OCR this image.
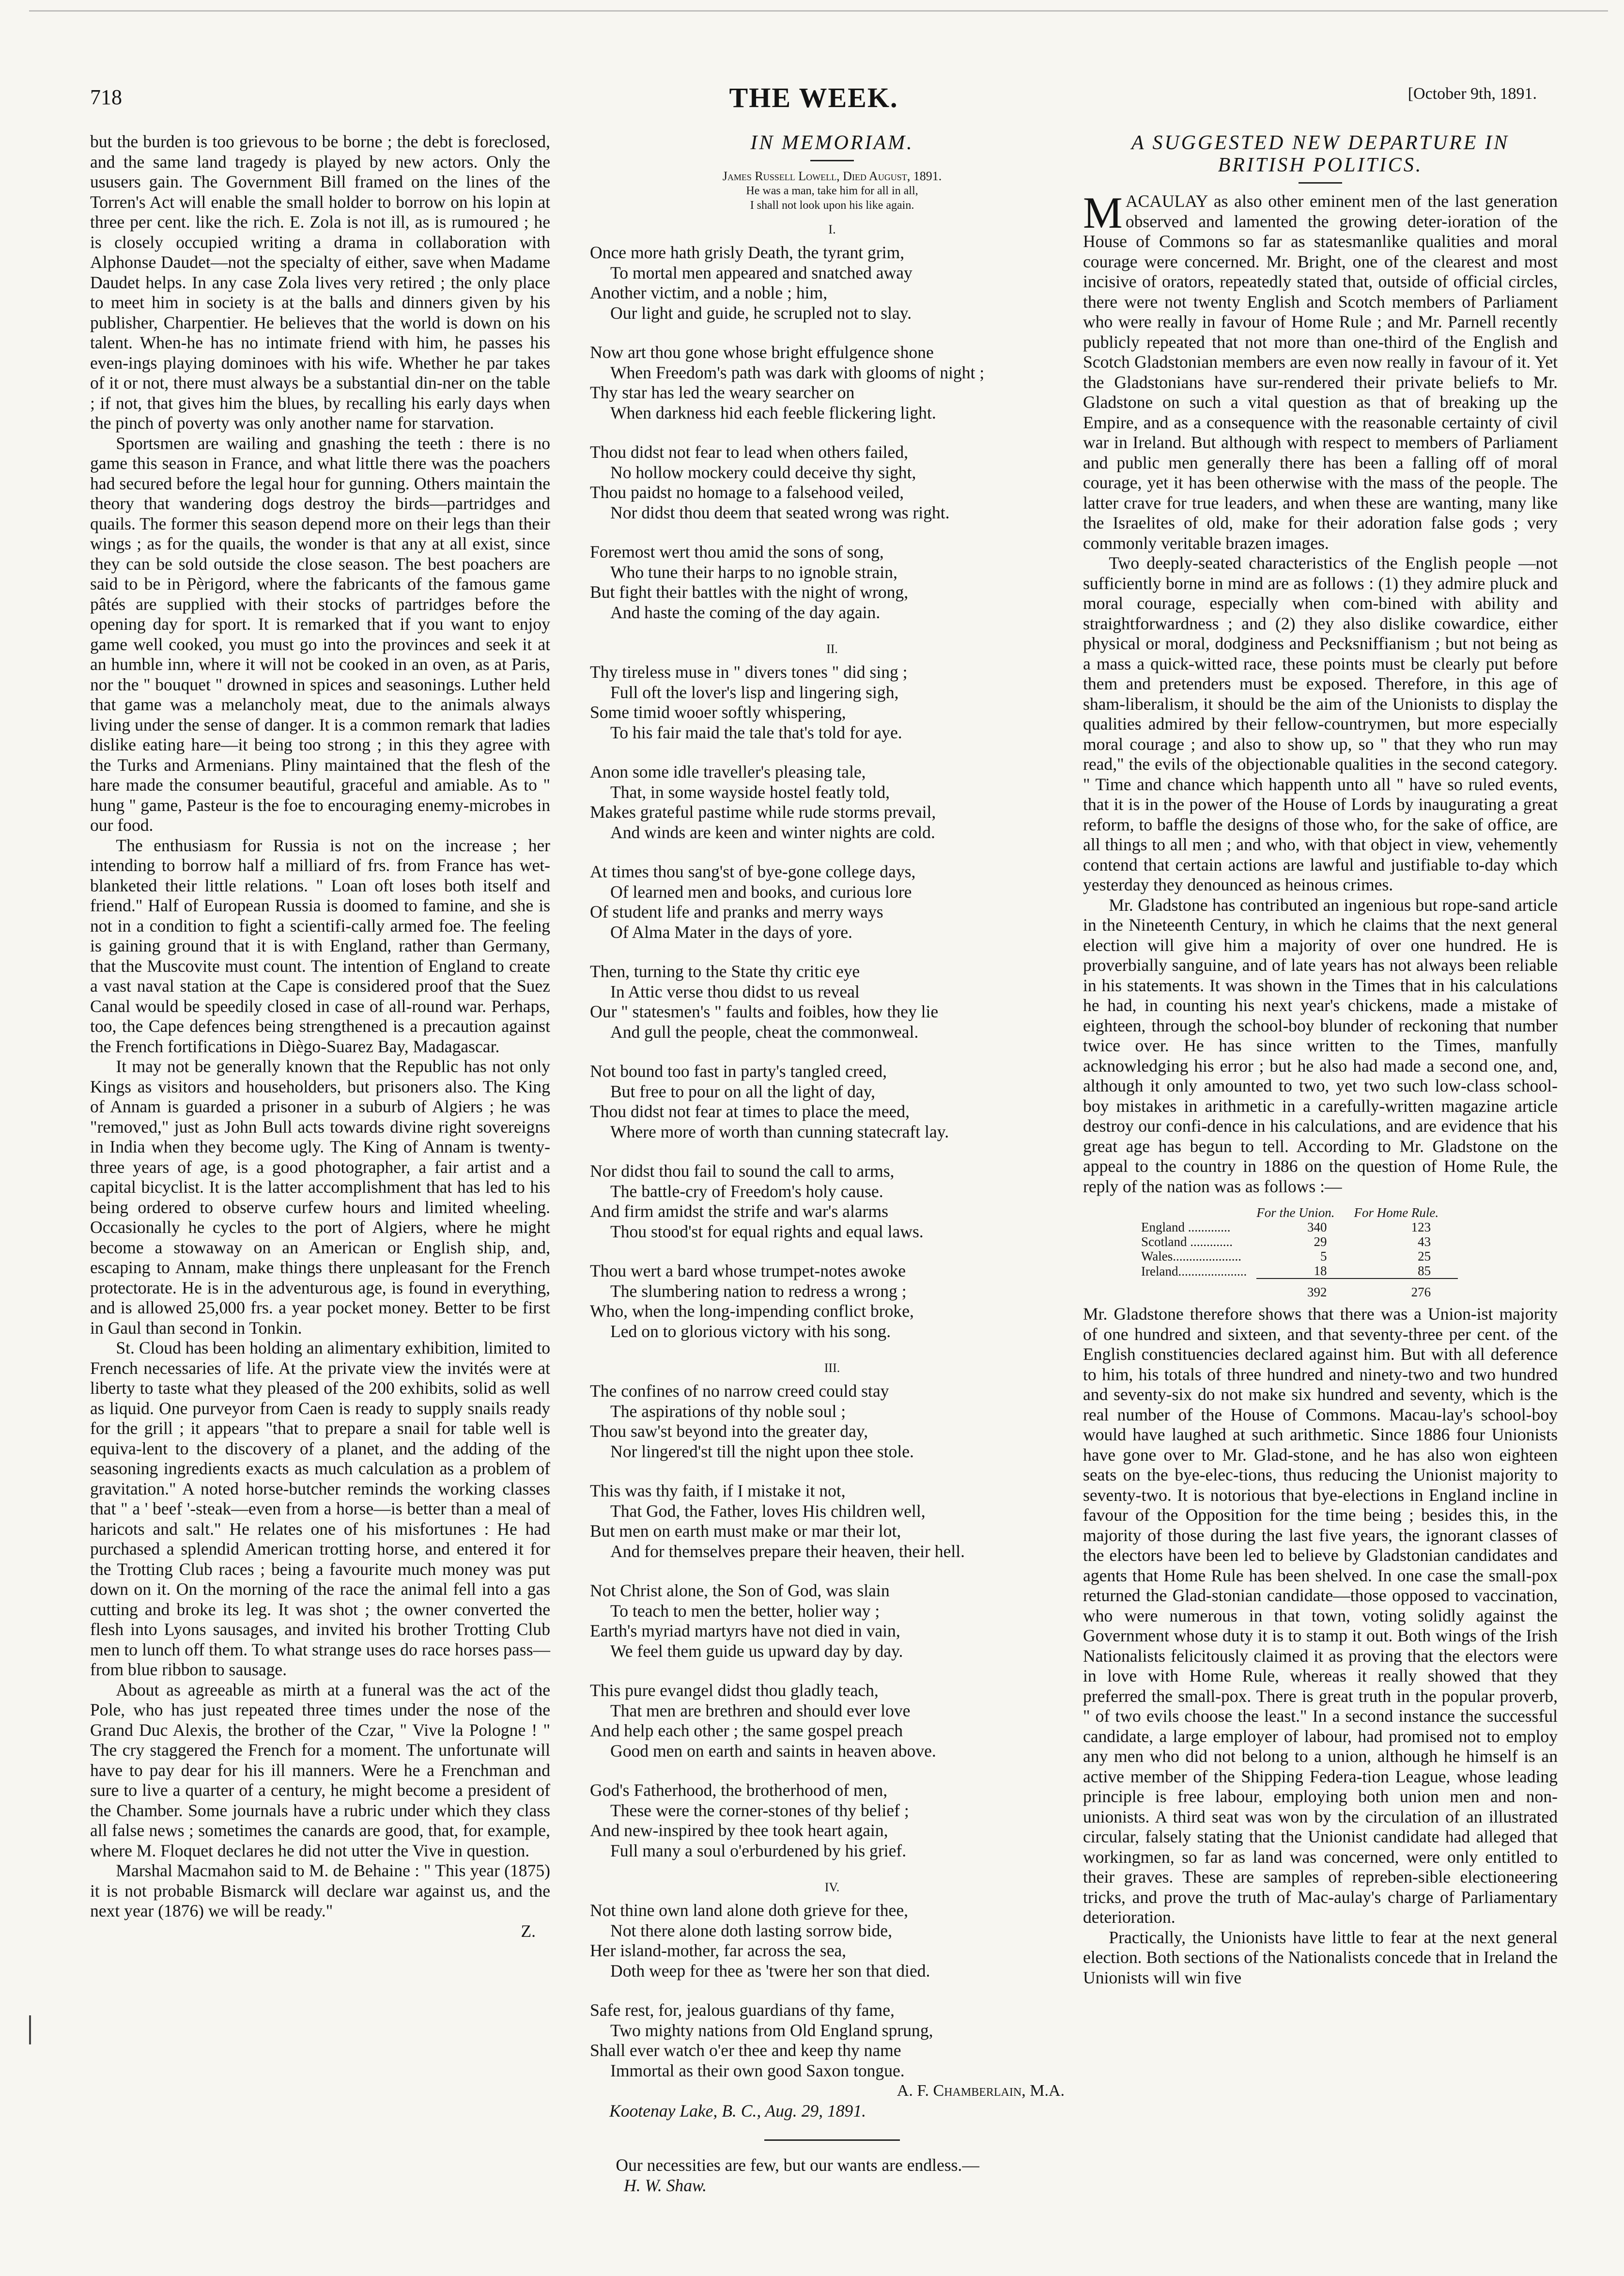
718	THE WEEK.	[October 9th, 1891.

but the burden is too grievous to be borne ; the debt is foreclosed, and the same land tragedy is played by new actors. Only the ususers gain. The Government Bill framed on the lines of the Torren's Act will enable the small holder to borrow on his lopin at three per cent. like the rich. E. Zola is not ill, as is rumoured ; he is closely occupied writing a drama in collaboration with Alphonse Daudet—not the specialty of either, save when Madame Daudet helps. In any case Zola lives very retired ; the only place to meet him in society is at the balls and dinners given by his publisher, Charpentier. He believes that the world is down on his talent. When-he has no intimate friend with him, he passes his even-ings playing dominoes with his wife. Whether he par takes of it or not, there must always be a substantial din-ner on the table ; if not, that gives him the blues, by recalling his early days when the pinch of poverty was only another name for starvation.

Sportsmen are wailing and gnashing the teeth : there is no game this season in France, and what little there was the poachers had secured before the legal hour for gunning. Others maintain the theory that wandering dogs destroy the birds—partridges and quails. The former this season depend more on their legs than their wings ; as for the quails, the wonder is that any at all exist, since they can be sold outside the close season. The best poachers are said to be in Pèrigord, where the fabricants of the famous game pâtés are supplied with their stocks of partridges before the opening day for sport. It is remarked that if you want to enjoy game well cooked, you must go into the provinces and seek it at an humble inn, where it will not be cooked in an oven, as at Paris, nor the " bouquet " drowned in spices and seasonings. Luther held that game was a melancholy meat, due to the animals always living under the sense of danger. It is a common remark that ladies dislike eating hare—it being too strong ; in this they agree with the Turks and Armenians. Pliny maintained that the flesh of the hare made the consumer beautiful, graceful and amiable. As to " hung " game, Pasteur is the foe to encouraging enemy-microbes in our food.

The enthusiasm for Russia is not on the increase ; her intending to borrow half a milliard of frs. from France has wet-blanketed their little relations. " Loan oft loses both itself and friend." Half of European Russia is doomed to famine, and she is not in a condition to fight a scientifi-cally armed foe. The feeling is gaining ground that it is with England, rather than Germany, that the Muscovite must count. The intention of England to create a vast naval station at the Cape is considered proof that the Suez Canal would be speedily closed in case of all-round war. Perhaps, too, the Cape defences being strengthened is a precaution against the French fortifications in Diègo-Suarez Bay, Madagascar.

It may not be generally known that the Republic has not only Kings as visitors and householders, but prisoners also. The King of Annam is guarded a prisoner in a suburb of Algiers ; he was "removed," just as John Bull acts towards divine right sovereigns in India when they become ugly. The King of Annam is twenty-three years of age, is a good photographer, a fair artist and a capital bicyclist. It is the latter accomplishment that has led to his being ordered to observe curfew hours and limited wheeling. Occasionally he cycles to the port of Algiers, where he might become a stowaway on an American or English ship, and, escaping to Annam, make things there unpleasant for the French protectorate. He is in the adventurous age, is found in everything, and is allowed 25,000 frs. a year pocket money. Better to be first in Gaul than second in Tonkin.

St. Cloud has been holding an alimentary exhibition, limited to French necessaries of life. At the private view the invités were at liberty to taste what they pleased of the 200 exhibits, solid as well as liquid. One purveyor from Caen is ready to supply snails ready for the grill ; it appears "that to prepare a snail for table well is equiva-lent to the discovery of a planet, and the adding of the seasoning ingredients exacts as much calculation as a problem of gravitation." A noted horse-butcher reminds the working classes that " a ' beef '-steak—even from a horse—is better than a meal of haricots and salt." He relates one of his misfortunes : He had purchased a splendid American trotting horse, and entered it for the Trotting Club races ; being a favourite much money was put down on it. On the morning of the race the animal fell into a gas cutting and broke its leg. It was shot ; the owner converted the flesh into Lyons sausages, and invited his brother Trotting Club men to lunch off them. To what strange uses do race horses pass—from blue ribbon to sausage.

About as agreeable as mirth at a funeral was the act of the Pole, who has just repeated three times under the nose of the Grand Duc Alexis, the brother of the Czar, " Vive la Pologne ! " The cry staggered the French for a moment. The unfortunate will have to pay dear for his ill manners. Were he a Frenchman and sure to live a quarter of a century, he might become a president of the Chamber. Some journals have a rubric under which they class all false news ; sometimes the canards are good, that, for example, where M. Floquet declares he did not utter the Vive in question.

Marshal Macmahon said to M. de Behaine : " This year (1875) it is not probable Bismarck will declare war against us, and the next year (1876) we will be ready."

Z.
IN MEMORIAM.
James Russell Lowell, Died August, 1891.
He was a man, take him for all in all,
I shall not look upon his like again.
I.
Once more hath grisly Death, the tyrant grim,
To mortal men appeared and snatched away
Another victim, and a noble ; him,
Our light and guide, he scrupled not to slay.
Now art thou gone whose bright effulgence shone
When Freedom's path was dark with glooms of night ;
Thy star has led the weary searcher on
When darkness hid each feeble flickering light.
Thou didst not fear to lead when others failed,
No hollow mockery could deceive thy sight,
Thou paidst no homage to a falsehood veiled,
Nor didst thou deem that seated wrong was right.
Foremost wert thou amid the sons of song,
Who tune their harps to no ignoble strain,
But fight their battles with the night of wrong,
And haste the coming of the day again.
II.
Thy tireless muse in " divers tones " did sing ;
Full oft the lover's lisp and lingering sigh,
Some timid wooer softly whispering,
To his fair maid the tale that's told for aye.
Anon some idle traveller's pleasing tale,
That, in some wayside hostel featly told,
Makes grateful pastime while rude storms prevail,
And winds are keen and winter nights are cold.
At times thou sang'st of bye-gone college days,
Of learned men and books, and curious lore
Of student life and pranks and merry ways
Of Alma Mater in the days of yore.
Then, turning to the State thy critic eye
In Attic verse thou didst to us reveal
Our " statesmen's " faults and foibles, how they lie
And gull the people, cheat the commonweal.
Not bound too fast in party's tangled creed,
But free to pour on all the light of day,
Thou didst not fear at times to place the meed,
Where more of worth than cunning statecraft lay.
Nor didst thou fail to sound the call to arms,
The battle-cry of Freedom's holy cause.
And firm amidst the strife and war's alarms
Thou stood'st for equal rights and equal laws.
Thou wert a bard whose trumpet-notes awoke
The slumbering nation to redress a wrong ;
Who, when the long-impending conflict broke,
Led on to glorious victory with his song.
III.
The confines of no narrow creed could stay
The aspirations of thy noble soul ;
Thou saw'st beyond into the greater day,
Nor lingered'st till the night upon thee stole.
This was thy faith, if I mistake it not,
That God, the Father, loves His children well,
But men on earth must make or mar their lot,
And for themselves prepare their heaven, their hell.
Not Christ alone, the Son of God, was slain
To teach to men the better, holier way ;
Earth's myriad martyrs have not died in vain,
We feel them guide us upward day by day.
This pure evangel didst thou gladly teach,
That men are brethren and should ever love
And help each other ; the same gospel preach
Good men on earth and saints in heaven above.
God's Fatherhood, the brotherhood of men,
These were the corner-stones of thy belief ;
And new-inspired by thee took heart again,
Full many a soul o'erburdened by his grief.
IV.
Not thine own land alone doth grieve for thee,
Not there alone doth lasting sorrow bide,
Her island-mother, far across the sea,
Doth weep for thee as 'twere her son that died.
Safe rest, for, jealous guardians of thy fame,
Two mighty nations from Old England sprung,
Shall ever watch o'er thee and keep thy name
Immortal as their own good Saxon tongue.
A. F. Chamberlain, M.A.
Kootenay Lake, B. C., Aug. 29, 1891.
Our necessities are few, but our wants are endless.—
H. W. Shaw.
A SUGGESTED NEW DEPARTURE IN
BRITISH POLITICS.

MACAULAY as also other eminent men of the last generation observed and lamented the growing deter-ioration of the House of Commons so far as statesmanlike qualities and moral courage were concerned. Mr. Bright, one of the clearest and most incisive of orators, repeatedly stated that, outside of official circles, there were not twenty English and Scotch members of Parliament who were really in favour of Home Rule ; and Mr. Parnell recently publicly repeated that not more than one-third of the English and Scotch Gladstonian members are even now really in favour of it. Yet the Gladstonians have sur-rendered their private beliefs to Mr. Gladstone on such a vital question as that of breaking up the Empire, and as a consequence with the reasonable certainty of civil war in Ireland. But although with respect to members of Parliament and public men generally there has been a falling off of moral courage, yet it has been otherwise with the mass of the people. The latter crave for true leaders, and when these are wanting, many like the Israelites of old, make for their adoration false gods ; very commonly veritable brazen images.

Two deeply-seated characteristics of the English people —not sufficiently borne in mind are as follows : (1) they admire pluck and moral courage, especially when com-bined with ability and straightforwardness ; and (2) they also dislike cowardice, either physical or moral, dodginess and Pecksniffianism ; but not being as a mass a quick-witted race, these points must be clearly put before them and pretenders must be exposed. Therefore, in this age of sham-liberalism, it should be the aim of the Unionists to display the qualities admired by their fellow-countrymen, but more especially moral courage ; and also to show up, so " that they who run may read," the evils of the objectionable qualities in the second category. " Time and chance which happenth unto all " have so ruled events, that it is in the power of the House of Lords by inaugurating a great reform, to baffle the designs of those who, for the sake of office, are all things to all men ; and who, with that object in view, vehemently contend that certain actions are lawful and justifiable to-day which yesterday they denounced as heinous crimes.

Mr. Gladstone has contributed an ingenious but rope-sand article in the Nineteenth Century, in which he claims that the next general election will give him a majority of over one hundred. He is proverbially sanguine, and of late years has not always been reliable in his statements. It was shown in the Times that in his calculations he had, in counting his next year's chickens, made a mistake of eighteen, through the school-boy blunder of reckoning that number twice over. He has since written to the Times, manfully acknowledging his error ; but he also had made a second one, and, although it only amounted to two, yet two such low-class school-boy mistakes in arithmetic in a carefully-written magazine article destroy our confi-dence in his calculations, and are evidence that his great age has begun to tell. According to Mr. Gladstone on the appeal to the country in 1886 on the question of Home Rule, the reply of the nation was as follows :—

	For the Union.	For Home Rule.
England .............	340	123
Scotland .............	29	43
Wales.....................	5	25
Ireland.....................	18	85
	392	276

Mr. Gladstone therefore shows that there was a Union-ist majority of one hundred and sixteen, and that seventy-three per cent. of the English constituencies declared against him. But with all deference to him, his totals of three hundred and ninety-two and two hundred and seventy-six do not make six hundred and seventy, which is the real number of the House of Commons. Macau-lay's school-boy would have laughed at such arithmetic. Since 1886 four Unionists have gone over to Mr. Glad-stone, and he has also won eighteen seats on the bye-elec-tions, thus reducing the Unionist majority to seventy-two. It is notorious that bye-elections in England incline in favour of the Opposition for the time being ; besides this, in the majority of those during the last five years, the ignorant classes of the electors have been led to believe by Gladstonian candidates and agents that Home Rule has been shelved. In one case the small-pox returned the Glad-stonian candidate—those opposed to vaccination, who were numerous in that town, voting solidly against the Government whose duty it is to stamp it out. Both wings of the Irish Nationalists felicitously claimed it as proving that the electors were in love with Home Rule, whereas it really showed that they preferred the small-pox. There is great truth in the popular proverb, " of two evils choose the least." In a second instance the successful candidate, a large employer of labour, had promised not to employ any men who did not belong to a union, although he himself is an active member of the Shipping Federa-tion League, whose leading principle is free labour, employing both union men and non-unionists. A third seat was won by the circulation of an illustrated circular, falsely stating that the Unionist candidate had alleged that workingmen, so far as land was concerned, were only entitled to their graves. These are samples of repreben-sible electioneering tricks, and prove the truth of Mac-aulay's charge of Parliamentary deterioration.

Practically, the Unionists have little to fear at the next general election. Both sections of the Nationalists concede that in Ireland the Unionists will win five
